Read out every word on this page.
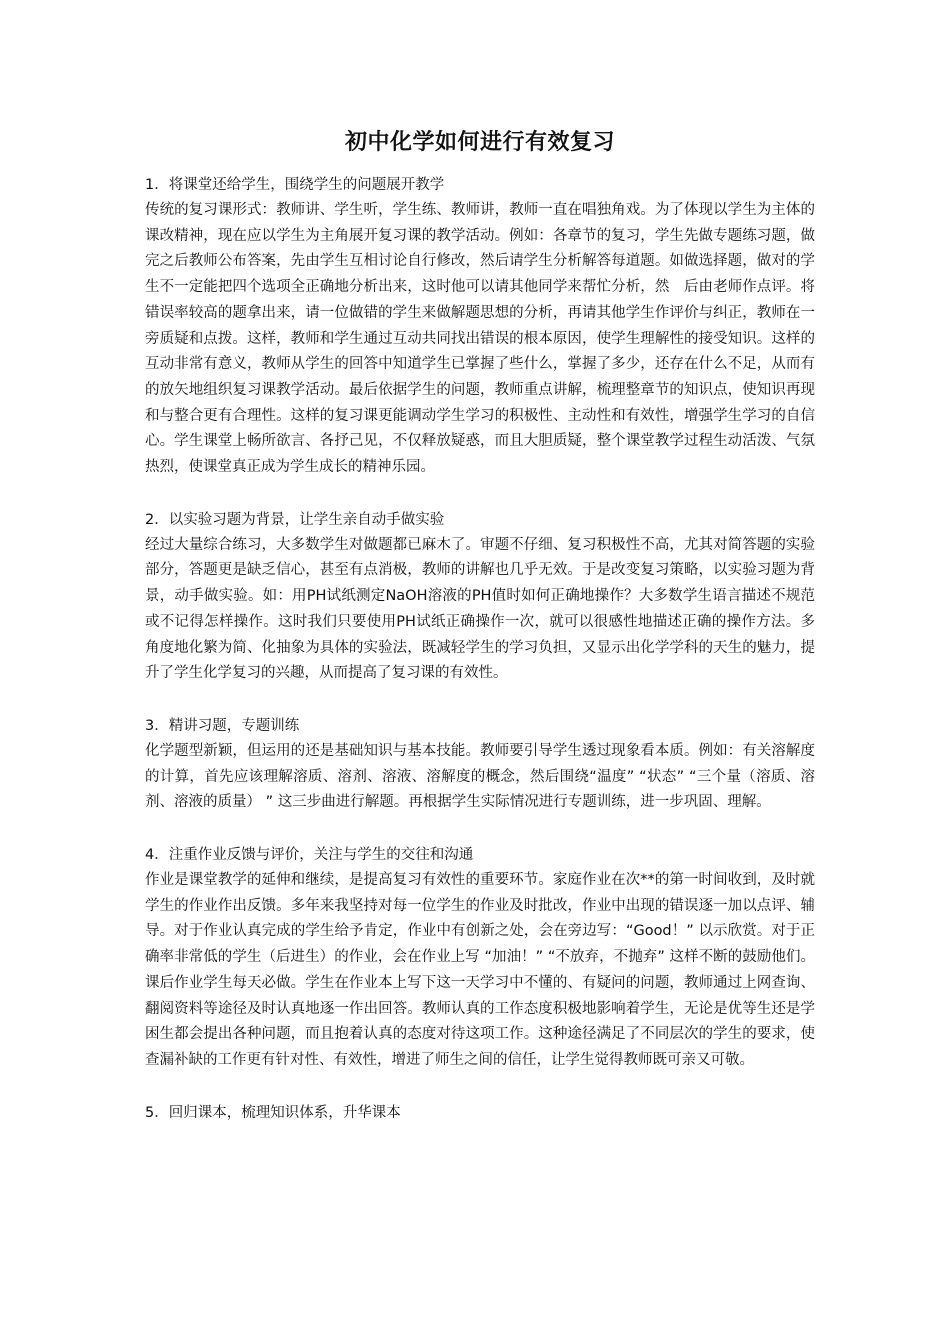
初中化学如何进行有效复习

1．将课堂还给学生，围绕学生的问题展开教学

传统的复习课形式：教师讲、学生听，学生练、教师讲，教师一直在唱独角戏。为了体现以学生为主体的课改精神，现在应以学生为主角展开复习课的教学活动。例如：各章节的复习，学生先做专题练习题，做完之后教师公布答案，先由学生互相讨论自行修改，然后请学生分析解答每道题。如做选择题，做对的学生不一定能把四个选项全正确地分析出来，这时他可以请其他同学来帮忙分析，然　后由老师作点评。将错误率较高的题拿出来，请一位做错的学生来做解题思想的分析，再请其他学生作评价与纠正，教师在一旁质疑和点拨。这样，教师和学生通过互动共同找出错误的根本原因，使学生理解性的接受知识。这样的互动非常有意义，教师从学生的回答中知道学生已掌握了些什么，掌握了多少，还存在什么不足，从而有的放矢地组织复习课教学活动。最后依据学生的问题，教师重点讲解，梳理整章节的知识点，使知识再现和与整合更有合理性。这样的复习课更能调动学生学习的积极性、主动性和有效性，增强学生学习的自信心。学生课堂上畅所欲言、各抒己见，不仅释放疑惑，而且大胆质疑，整个课堂教学过程生动活泼、气氛热烈，使课堂真正成为学生成长的精神乐园。

2．以实验习题为背景，让学生亲自动手做实验

经过大量综合练习，大多数学生对做题都已麻木了。审题不仔细、复习积极性不高，尤其对简答题的实验部分，答题更是缺乏信心，甚至有点消极，教师的讲解也几乎无效。于是改变复习策略，以实验习题为背景，动手做实验。如：用PH试纸测定NaOH溶液的PH值时如何正确地操作？大多数学生语言描述不规范或不记得怎样操作。这时我们只要使用PH试纸正确操作一次，就可以很感性地描述正确的操作方法。多角度地化繁为简、化抽象为具体的实验法，既减轻学生的学习负担，又显示出化学学科的天生的魅力，提升了学生化学复习的兴趣，从而提高了复习课的有效性。

3．精讲习题，专题训练

化学题型新颖，但运用的还是基础知识与基本技能。教师要引导学生透过现象看本质。例如：有关溶解度的计算，首先应该理解溶质、溶剂、溶液、溶解度的概念，然后围绕“温度” “状态” “三个量（溶质、溶剂、溶液的质量） ” 这三步曲进行解题。再根据学生实际情况进行专题训练，进一步巩固、理解。

4．注重作业反馈与评价，关注与学生的交往和沟通

作业是课堂教学的延伸和继续，是提高复习有效性的重要环节。家庭作业在次**的第一时间收到，及时就学生的作业作出反馈。多年来我坚持对每一位学生的作业及时批改，作业中出现的错误逐一加以点评、辅导。对于作业认真完成的学生给予肯定，作业中有创新之处，会在旁边写：“Good！” 以示欣赏。对于正确率非常低的学生（后进生）的作业，会在作业上写 “加油！” “不放弃，不抛弃” 这样不断的鼓励他们。课后作业学生每天必做。学生在作业本上写下这一天学习中不懂的、有疑问的问题，教师通过上网查询、翻阅资料等途径及时认真地逐一作出回答。教师认真的工作态度积极地影响着学生，无论是优等生还是学困生都会提出各种问题，而且抱着认真的态度对待这项工作。这种途径满足了不同层次的学生的要求，使查漏补缺的工作更有针对性、有效性，增进了师生之间的信任，让学生觉得教师既可亲又可敬。

5．回归课本，梳理知识体系，升华课本
